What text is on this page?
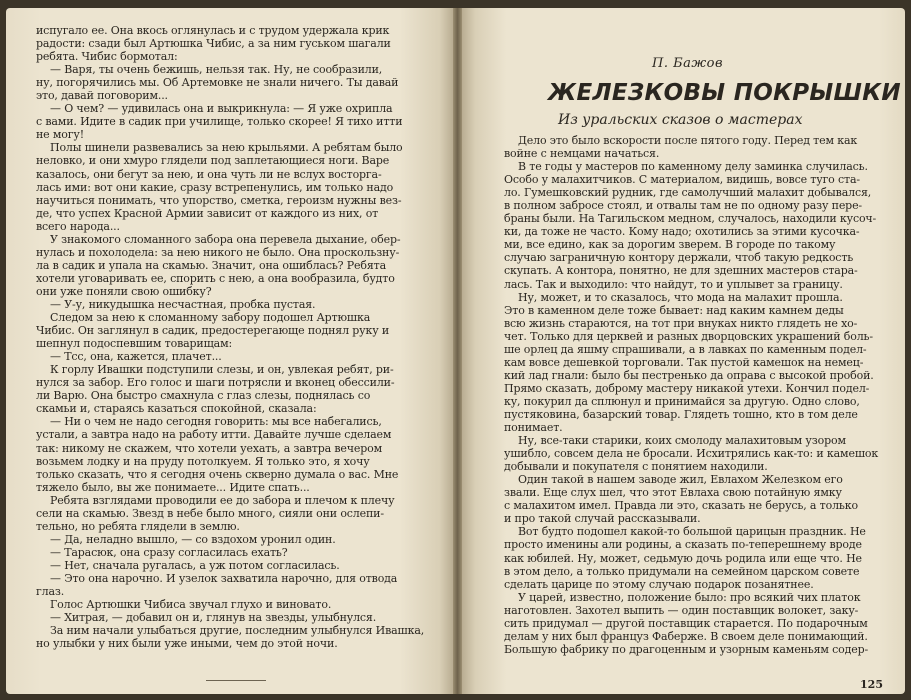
испугало ее. Она вкось оглянулась и с трудом удержала крик
радости: сзади был Артюшка Чибис, а за ним гуськом шагали
ребята. Чибис бормотал:
— Варя, ты очень бежишь, нельзя так. Ну, не сообразили,
ну, погорячились мы. Об Артемовке не знали ничего. Ты давай
это, давай поговорим...
— О чем? — удивилась она и выкрикнула: — Я уже охрипла
с вами. Идите в садик при училище, только скорее! Я тихо итти
не могу!
Полы шинели развевались за нею крыльями. А ребятам было
неловко, и они хмуро глядели под заплетающиеся ноги. Варе
казалось, они бегут за нею, и она чуть ли не вслух восторга-
лась ими: вот они какие, сразу встрепенулись, им только надо
научиться понимать, что упорство, сметка, героизм нужны вез-
де, что успех Красной Армии зависит от каждого из них, от
всего народа...
У знакомого сломанного забора она перевела дыхание, обер-
нулась и похолодела: за нею никого не было. Она проскользну-
ла в садик и упала на скамью. Значит, она ошиблась? Ребята
хотели уговаривать ее, спорить с нею, а она вообразила, будто
они уже поняли свою ошибку?
— У-у, никудышка несчастная, пробка пустая.
Следом за нею к сломанному забору подошел Артюшка
Чибис. Он заглянул в садик, предостерегающе поднял руку и
шепнул подоспевшим товарищам:
— Тсс, она, кажется, плачет...
К горлу Ивашки подступили слезы, и он, увлекая ребят, ри-
нулся за забор. Его голос и шаги потрясли и вконец обессили-
ли Варю. Она быстро смахнула с глаз слезы, поднялась со
скамьи и, стараясь казаться спокойной, сказала:
— Ни о чем не надо сегодня говорить: мы все набегались,
устали, а завтра надо на работу итти. Давайте лучше сделаем
так: никому не скажем, что хотели уехать, а завтра вечером
возьмем лодку и на пруду потолкуем. Я только это, я хочу
только сказать, что я сегодня очень скверно думала о вас. Мне
тяжело было, вы же понимаете... Идите спать...
Ребята взглядами проводили ее до забора и плечом к плечу
сели на скамью. Звезд в небе было много, сияли они ослепи-
тельно, но ребята глядели в землю.
— Да, неладно вышло, — со вздохом уронил один.
— Тарасюк, она сразу согласилась ехать?
— Нет, сначала ругалась, а уж потом согласилась.
— Это она нарочно. И узелок захватила нарочно, для отвода
глаз.
Голос Артюшки Чибиса звучал глухо и виновато.
— Хитрая, — добавил он и, глянув на звезды, улыбнулся.
За ним начали улыбаться другие, последним улыбнулся Ивашка,
но улыбки у них были уже иными, чем до этой ночи.
П. Бажов
ЖЕЛЕЗКОВЫ ПОКРЫШКИ
Из уральских сказов о мастерах
Дело это было вскорости после пятого году. Перед тем как
войне с немцами начаться.
В те годы у мастеров по каменному делу заминка случилась.
Особо у малахитчиков. С материалом, видишь, вовсе туго ста-
ло. Гумешковский рудник, где самолучший малахит добывался,
в полном забросе стоял, и отвалы там не по одному разу пере-
браны были. На Тагильском медном, случалось, находили кусоч-
ки, да тоже не часто. Кому надо; охотились за этими кусочка-
ми, все едино, как за дорогим зверем. В городе по такому
случаю заграничную контору держали, чтоб такую редкость
скупать. А контора, понятно, не для здешних мастеров стара-
лась. Так и выходило: что найдут, то и уплывет за границу.
Ну, может, и то сказалось, что мода на малахит прошла.
Это в каменном деле тоже бывает: над каким камнем деды
всю жизнь стараются, на тот при внуках никто глядеть не хо-
чет. Только для церквей и разных дворцовских украшений боль-
ше орлец да яшму спрашивали, а в лавках по каменным подел-
кам вовсе дешевкой торговали. Так пустой камешок на немец-
кий лад гнали: было бы пестренько да оправа с высокой пробой.
Прямо сказать, доброму мастеру никакой утехи. Кончил подел-
ку, покурил да сплюнул и принимайся за другую. Одно слово,
пустяковина, базарский товар. Глядеть тошно, кто в том деле
понимает.
Ну, все-таки старики, коих смолоду малахитовым узором
ушибло, совсем дела не бросали. Исхитрялись как-то: и камешок
добывали и покупателя с понятием находили.
Один такой в нашем заводе жил, Евлахом Железком его
звали. Еще слух шел, что этот Евлаха свою потайную ямку
с малахитом имел. Правда ли это, сказать не берусь, а только
и про такой случай рассказывали.
Вот будто подошел какой-то большой царицын праздник. Не
просто именины али родины, а сказать по-теперешнему вроде
как юбилей. Ну, может, седьмую дочь родила или еще что. Не
в этом дело, а только придумали на семейном царском совете
сделать царице по этому случаю подарок позанятнее.
У царей, известно, положение было: про всякий чих платок
наготовлен. Захотел выпить — один поставщик волокет, заку-
сить придумал — другой поставщик старается. По подарочным
делам у них был француз Фаберже. В своем деле понимающий.
Большую фабрику по драгоценным и узорным каменьям содер-
125
